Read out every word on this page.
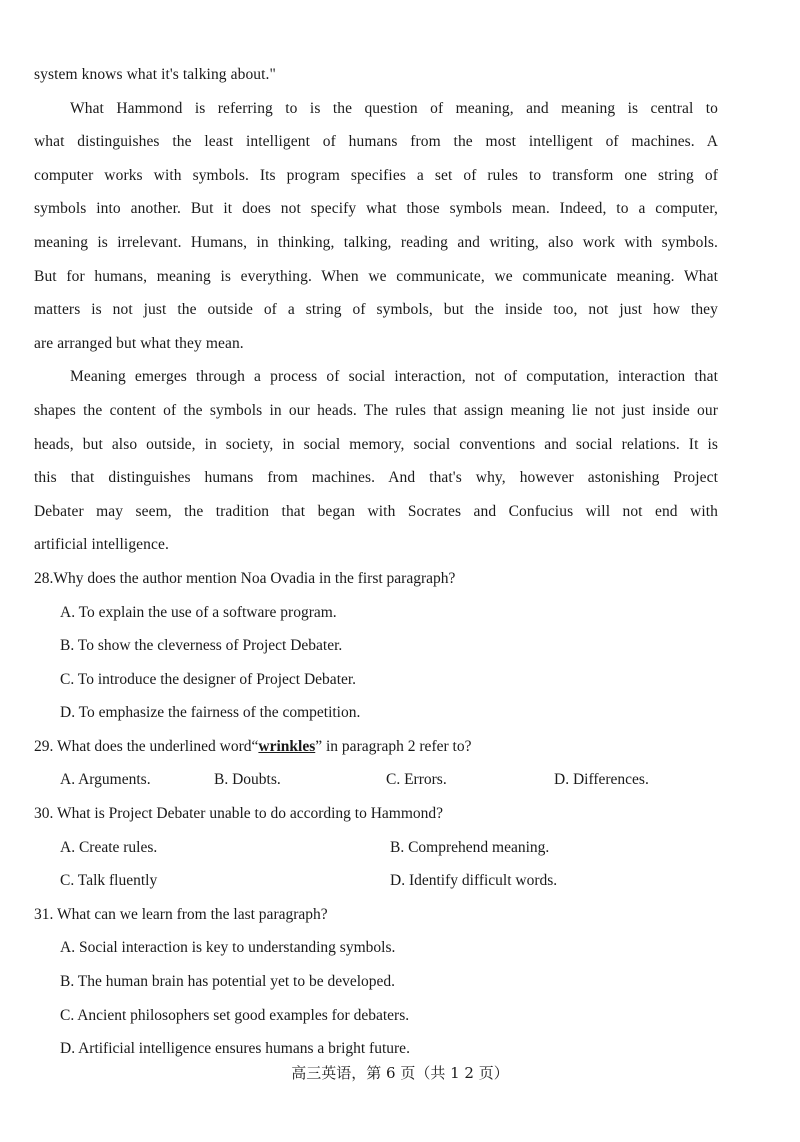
system knows what it's talking about."
What Hammond is referring to is the question of meaning, and meaning is central to
what distinguishes the least intelligent of humans from the most intelligent of machines. A
computer works with symbols. Its program specifies a set of rules to transform one string of
symbols into another. But it does not specify what those symbols mean. Indeed, to a computer,
meaning is irrelevant. Humans, in thinking, talking, reading and writing, also work with symbols.
But for humans, meaning is everything. When we communicate, we communicate meaning. What
matters is not just the outside of a string of symbols, but the inside too, not just how they
are arranged but what they mean.
Meaning emerges through a process of social interaction, not of computation, interaction that
shapes the content of the symbols in our heads. The rules that assign meaning lie not just inside our
heads, but also outside, in society, in social memory, social conventions and social relations. It is
this that distinguishes humans from machines. And that's why, however astonishing Project
Debater may seem, the tradition that began with Socrates and Confucius will not end with
artificial intelligence.
28.Why does the author mention Noa Ovadia in the first paragraph?
A. To explain the use of a software program.
B. To show the cleverness of Project Debater.
C. To introduce the designer of Project Debater.
D. To emphasize the fairness of the competition.
29. What does the underlined word“wrinkles” in paragraph 2 refer to?
A. Arguments.	B. Doubts.	C. Errors.	D. Differences.
30. What is Project Debater unable to do according to Hammond?
A. Create rules.	B. Comprehend meaning.
C. Talk fluently	D. Identify difficult words.
31. What can we learn from the last paragraph?
A. Social interaction is key to understanding symbols.
B. The human brain has potential yet to be developed.
C. Ancient philosophers set good examples for debaters.
D. Artificial intelligence ensures humans a bright future.
高三英语，第 6 页（共 1 2 页）
